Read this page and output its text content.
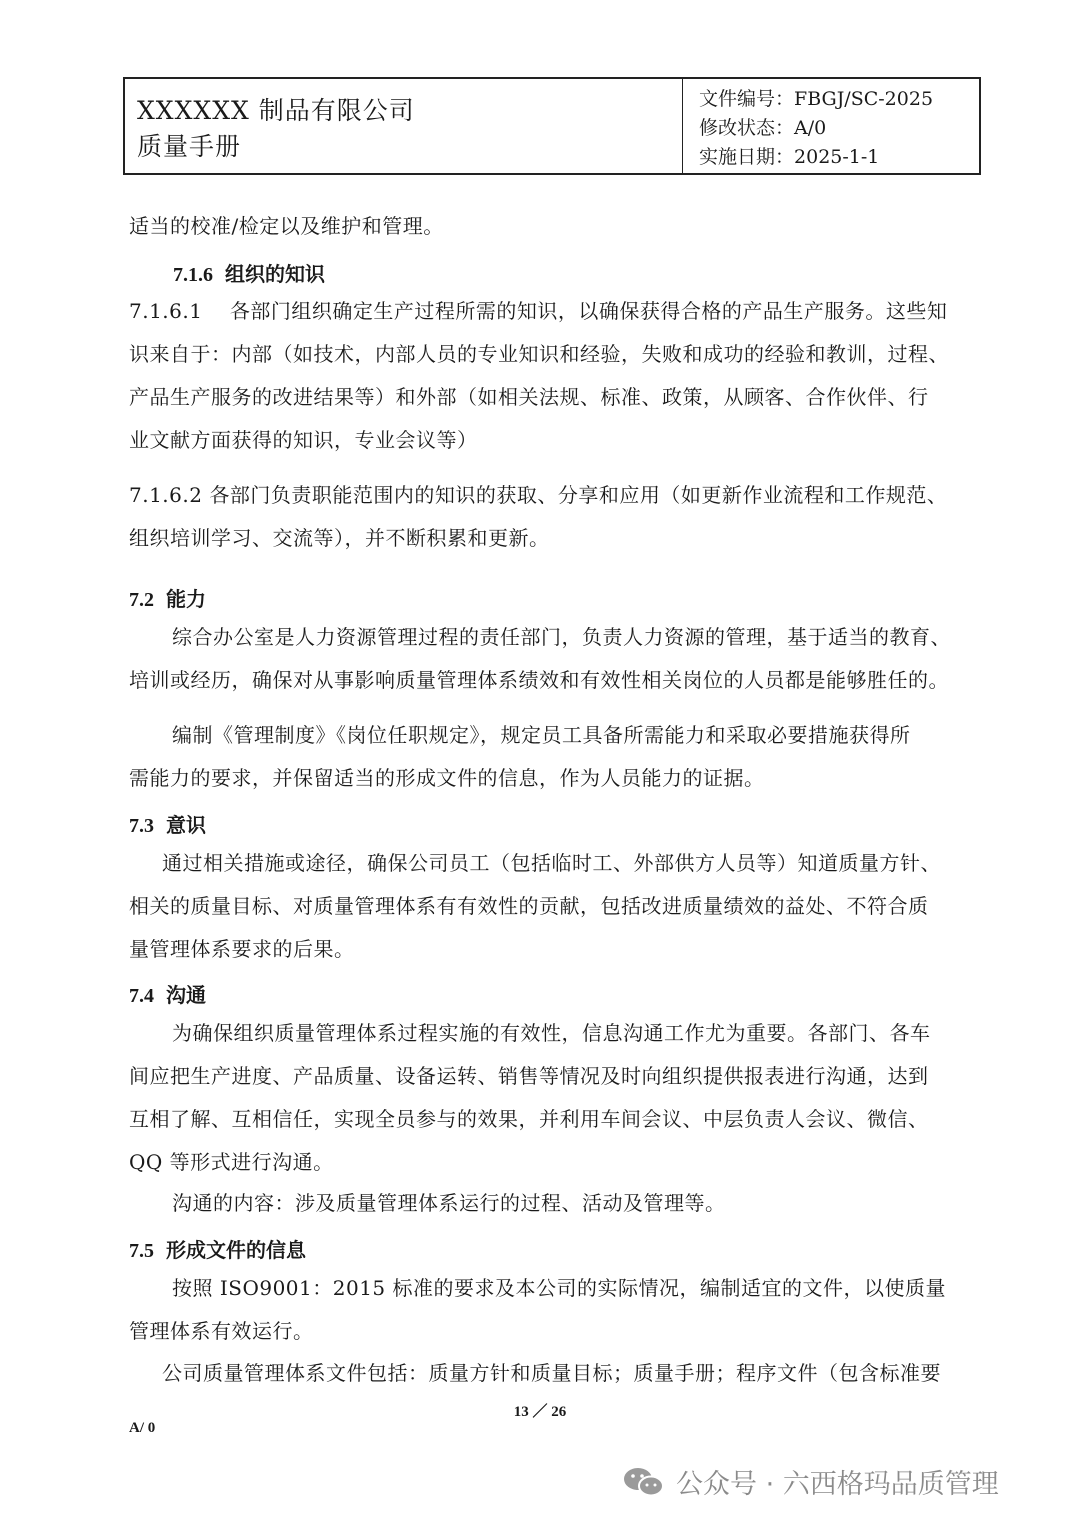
XXXXXX 制品有限公司
质量手册
文件编号： FBGJ/SC-2025
修改状态： A/0
实施日期： 2025-1-1

适当的校准/检定以及维护和管理。

7.1.6 组织的知识

7.1.6.1　 各部门组织确定生产过程所需的知识，以确保获得合格的产品生产服务。这些知

识来自于：内部（如技术，内部人员的专业知识和经验，失败和成功的经验和教训，过程、

产品生产服务的改进结果等）和外部（如相关法规、标准、政策，从顾客、合作伙伴、行

业文献方面获得的知识，专业会议等）

7.1.6.2 各部门负责职能范围内的知识的获取、分享和应用（如更新作业流程和工作规范、

组织培训学习、交流等），并不断积累和更新。

7.2 能力

综合办公室是人力资源管理过程的责任部门，负责人力资源的管理，基于适当的教育、

培训或经历，确保对从事影响质量管理体系绩效和有效性相关岗位的人员都是能够胜任的。

编制《管理制度》《岗位任职规定》，规定员工具备所需能力和采取必要措施获得所

需能力的要求，并保留适当的形成文件的信息，作为人员能力的证据。

7.3 意识

通过相关措施或途径，确保公司员工（包括临时工、外部供方人员等）知道质量方针、

相关的质量目标、对质量管理体系有有效性的贡献，包括改进质量绩效的益处、不符合质

量管理体系要求的后果。

7.4 沟通

为确保组织质量管理体系过程实施的有效性，信息沟通工作尤为重要。各部门、各车

间应把生产进度、产品质量、设备运转、销售等情况及时向组织提供报表进行沟通，达到

互相了解、互相信任，实现全员参与的效果，并利用车间会议、中层负责人会议、微信、

QQ 等形式进行沟通。

沟通的内容：涉及质量管理体系运行的过程、活动及管理等。

7.5 形成文件的信息

按照 ISO9001：2015 标准的要求及本公司的实际情况，编制适宜的文件，以使质量

管理体系有效运行。

公司质量管理体系文件包括：质量方针和质量目标；质量手册；程序文件（包含标准要

13 ／ 26
A/ 0
公众号 · 六西格玛品质管理
